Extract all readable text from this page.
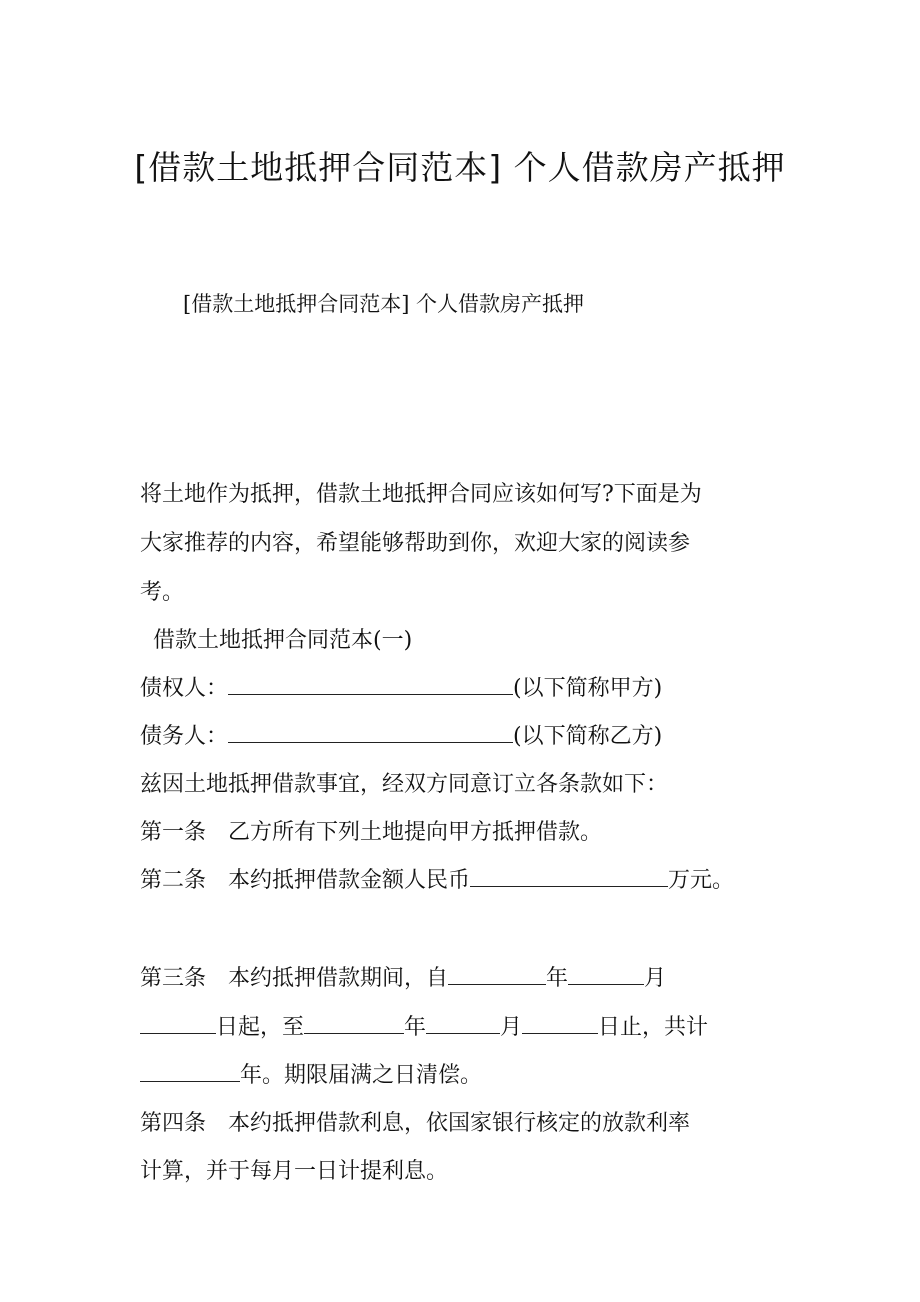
[借款土地抵押合同范本] 个人借款房产抵押
[借款土地抵押合同范本] 个人借款房产抵押
将土地作为抵押，借款土地抵押合同应该如何写?下面是为
大家推荐的内容，希望能够帮助到你，欢迎大家的阅读参
考。
借款土地抵押合同范本(一)
债权人：	(以下简称甲方)
债务人：	(以下简称乙方)
兹因土地抵押借款事宜，经双方同意订立各条款如下：
第一条　乙方所有下列土地提向甲方抵押借款。
第二条　本约抵押借款金额人民币	万元。
第三条　本约抵押借款期间，自	年	月
日起，至	年	月	日止，共计
年。期限届满之日清偿。
第四条　本约抵押借款利息，依国家银行核定的放款利率
计算，并于每月一日计提利息。
